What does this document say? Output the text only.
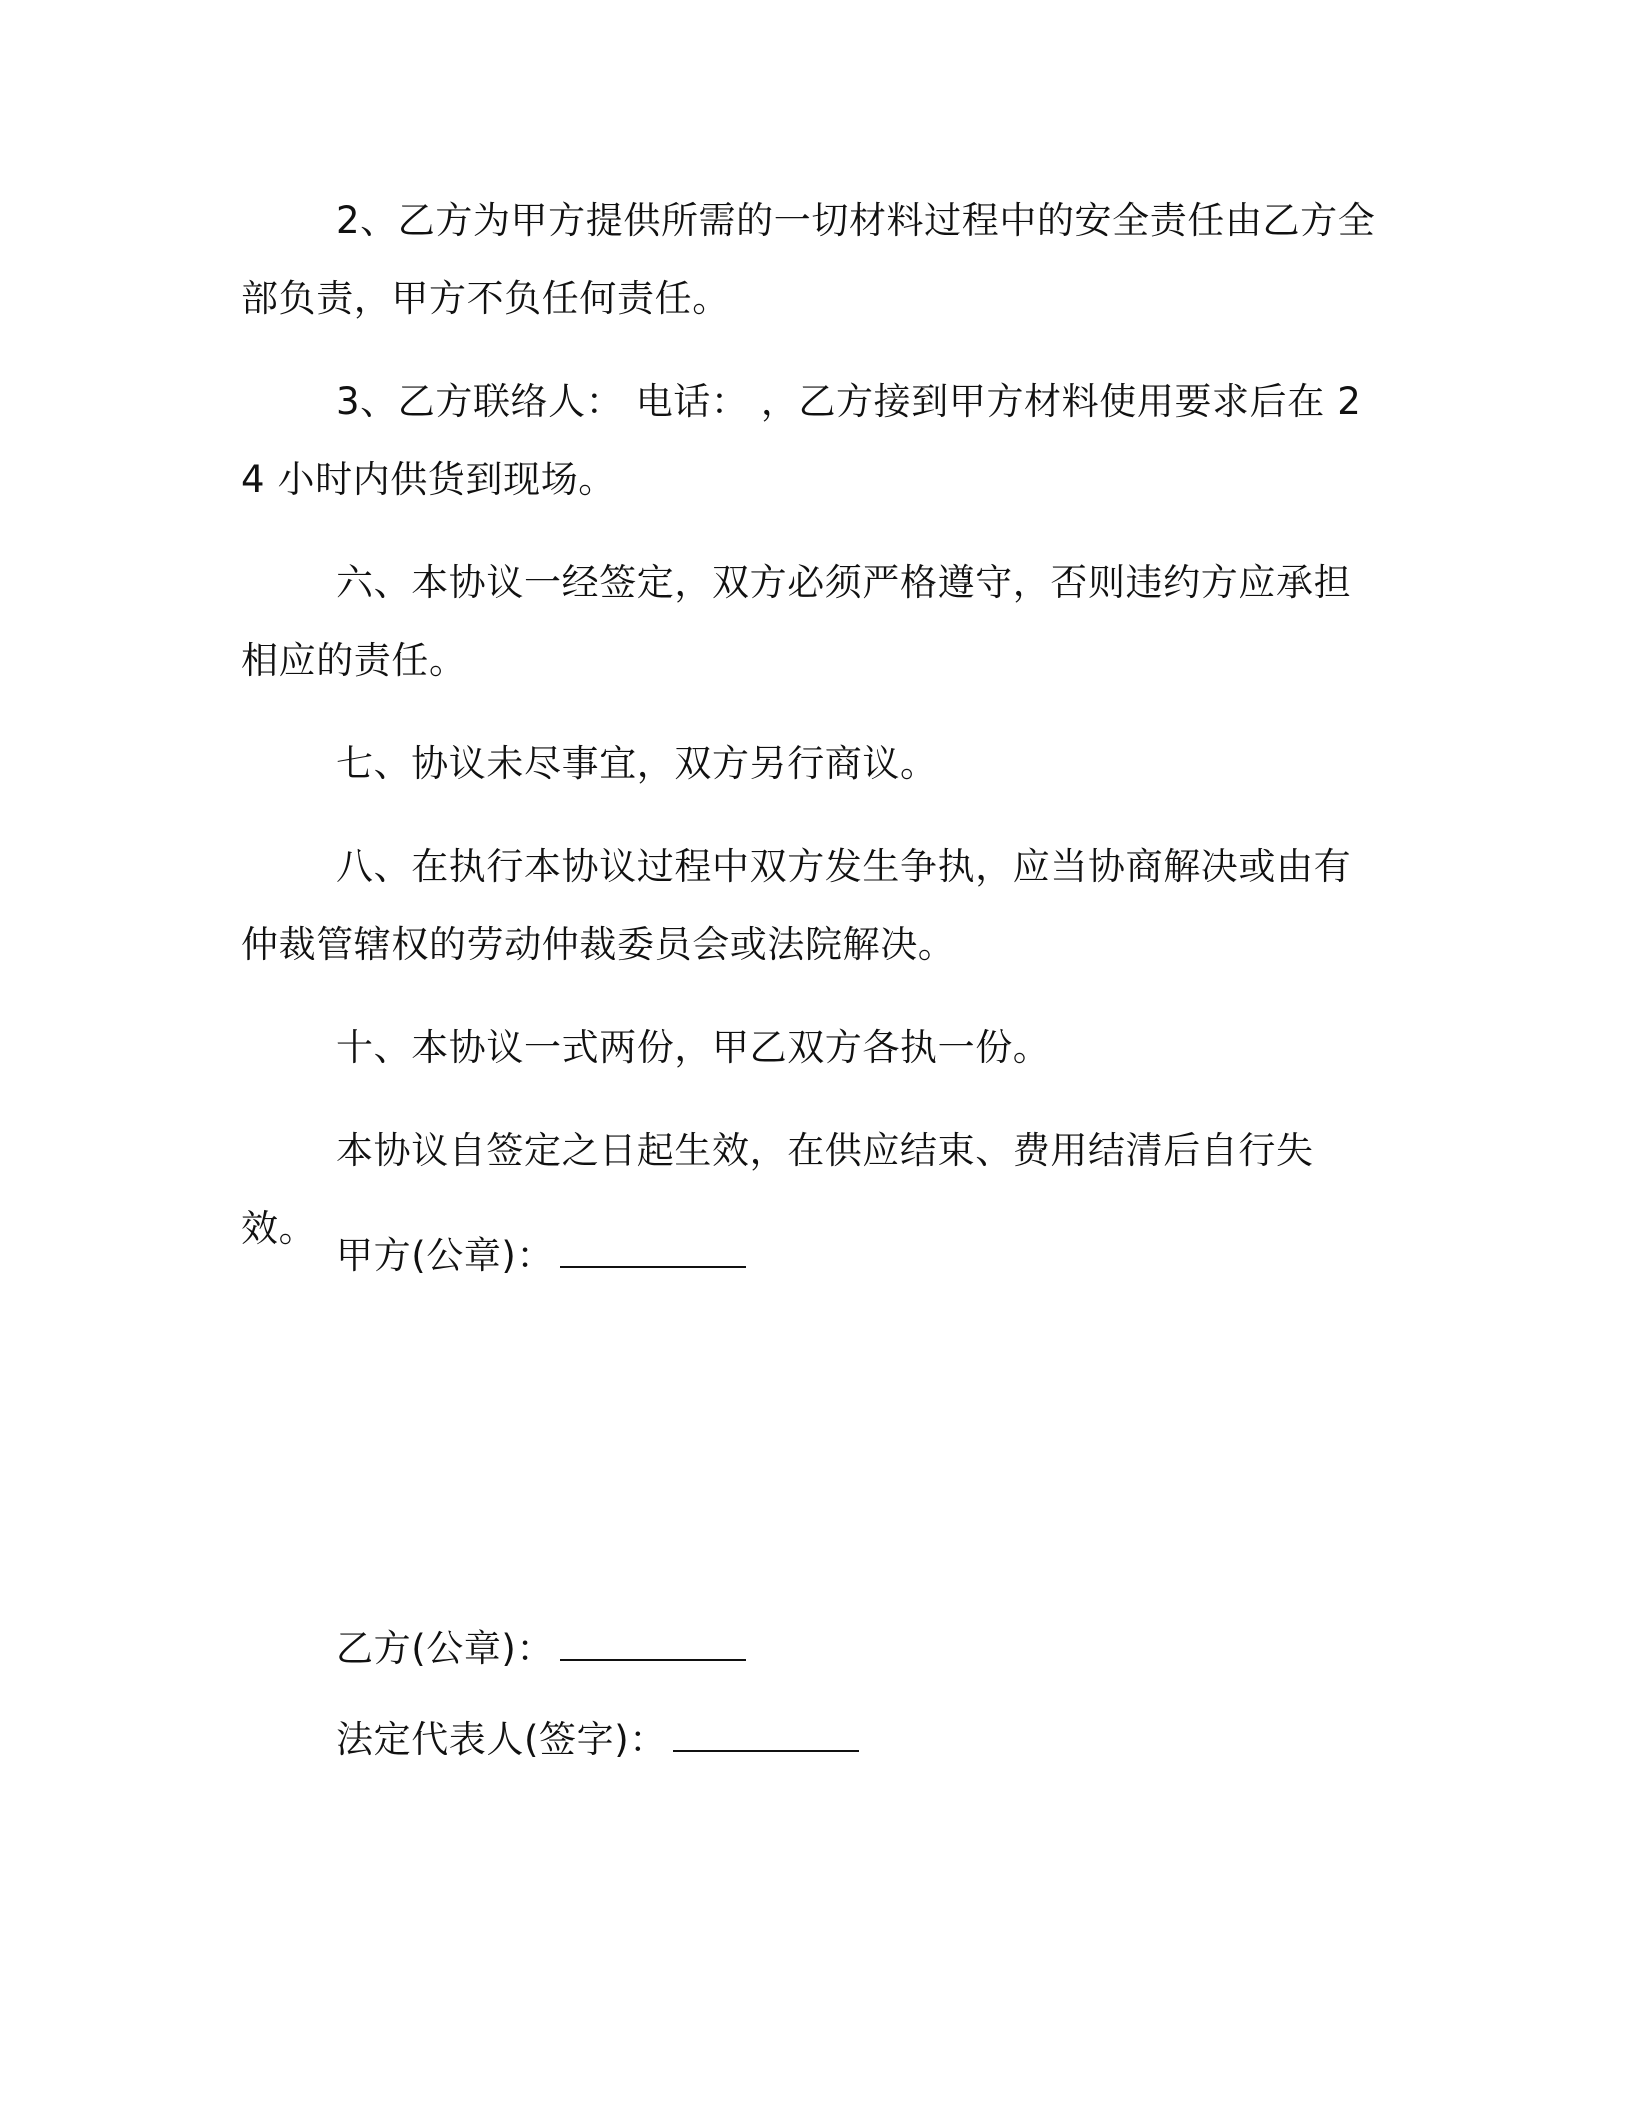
2、乙方为甲方提供所需的一切材料过程中的安全责任由乙方全部负责，甲方不负任何责任。

3、乙方联络人： 电话： ，乙方接到甲方材料使用要求后在 24 小时内供货到现场。

六、本协议一经签定，双方必须严格遵守，否则违约方应承担相应的责任。

七、协议未尽事宜，双方另行商议。

八、在执行本协议过程中双方发生争执，应当协商解决或由有仲裁管辖权的劳动仲裁委员会或法院解决。

十、本协议一式两份，甲乙双方各执一份。

本协议自签定之日起生效，在供应结束、费用结清后自行失效。

甲方(公章)：
乙方(公章)：
法定代表人(签字)：
